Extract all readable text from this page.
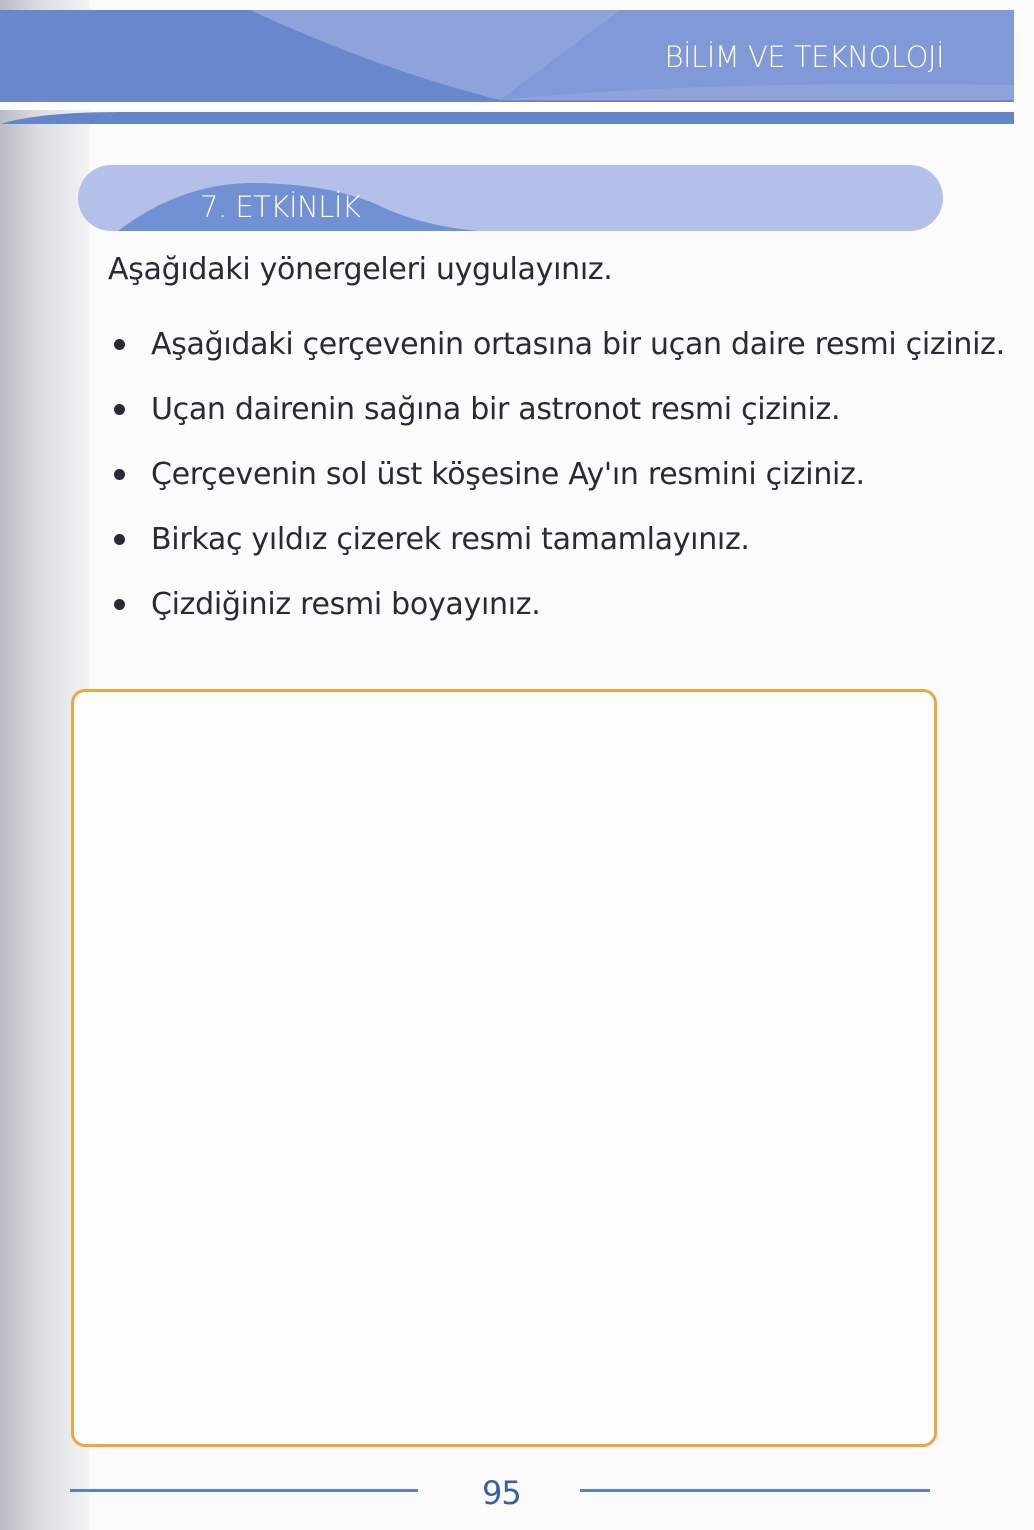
BİLİM VE TEKNOLOJİ
7. ETKİNLİK
Aşağıdaki yönergeleri uygulayınız.
Aşağıdaki çerçevenin ortasına bir uçan daire resmi çiziniz.
Uçan dairenin sağına bir astronot resmi çiziniz.
Çerçevenin sol üst köşesine Ay'ın resmini çiziniz.
Birkaç yıldız çizerek resmi tamamlayınız.
Çizdiğiniz resmi boyayınız.
95
